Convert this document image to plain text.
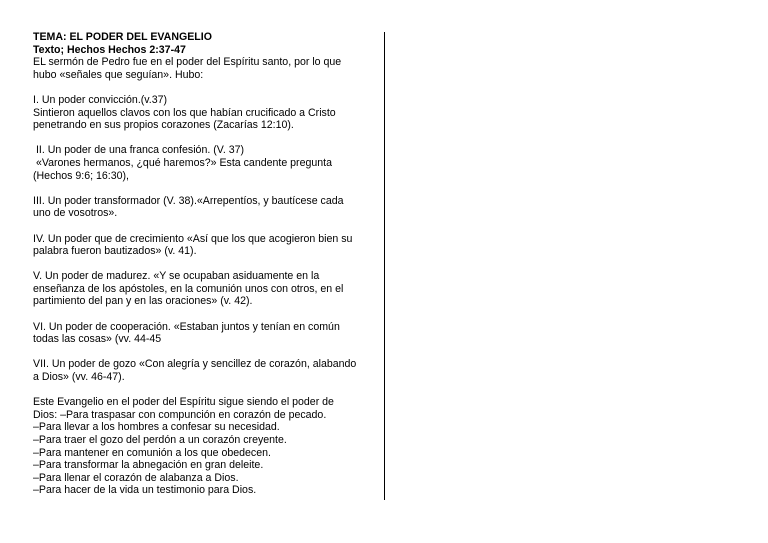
TEMA: EL PODER DEL EVANGELIO

Texto; Hechos Hechos 2:37-47

EL sermón de Pedro fue en el poder del Espíritu santo, por lo que

hubo «señales que seguían». Hubo:

I. Un poder convicción.(v.37)

Sintieron aquellos clavos con los que habían crucificado a Cristo

penetrando en sus propios corazones (Zacarías 12:10).

II. Un poder de una franca confesión. (V. 37)

«Varones hermanos, ¿qué haremos?» Esta candente pregunta

(Hechos 9:6; 16:30),

III. Un poder transformador (V. 38).«Arrepentíos, y bautícese cada

uno de vosotros».

IV. Un poder que de crecimiento «Así que los que acogieron bien su

palabra fueron bautizados» (v. 41).

V. Un poder de madurez. «Y se ocupaban asiduamente en la

enseñanza de los apóstoles, en la comunión unos con otros, en el

partimiento del pan y en las oraciones» (v. 42).

VI. Un poder de cooperación. «Estaban juntos y tenían en común

todas las cosas» (vv. 44-45

VII. Un poder de gozo «Con alegría y sencillez de corazón, alabando

a Dios» (vv. 46-47).

Este Evangelio en el poder del Espíritu sigue siendo el poder de

Dios: –Para traspasar con compunción en corazón de pecado.

–Para llevar a los hombres a confesar su necesidad.

–Para traer el gozo del perdón a un corazón creyente.

–Para mantener en comunión a los que obedecen.

–Para transformar la abnegación en gran deleite.

–Para llenar el corazón de alabanza a Dios.

–Para hacer de la vida un testimonio para Dios.
